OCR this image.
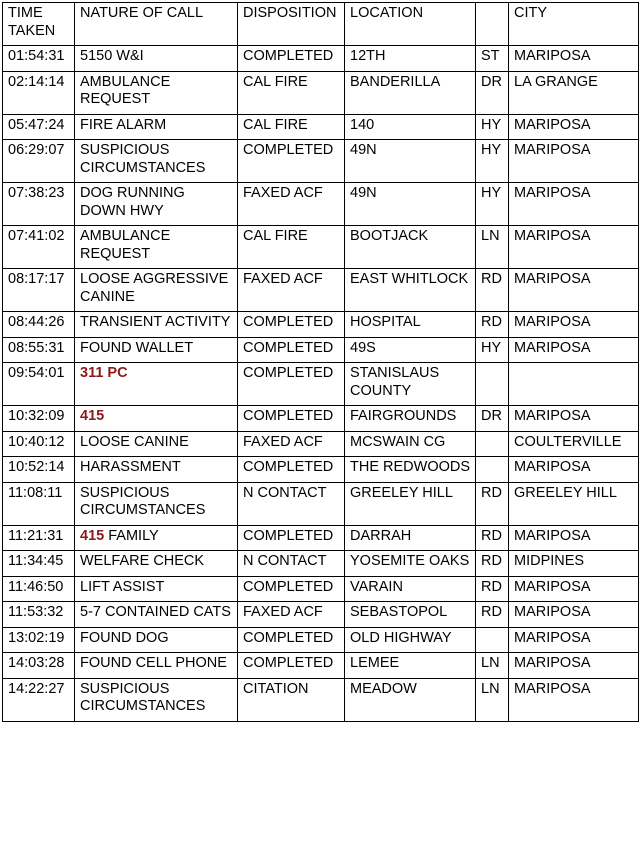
TIME TAKEN	NATURE OF CALL	DISPOSITION	LOCATION		CITY
01:54:31	5150 W&I	COMPLETED	12TH	ST	MARIPOSA
02:14:14	AMBULANCE REQUEST	CAL FIRE	BANDERILLA	DR	LA GRANGE
05:47:24	FIRE ALARM	CAL FIRE	140	HY	MARIPOSA
06:29:07	SUSPICIOUS CIRCUMSTANCES	COMPLETED	49N	HY	MARIPOSA
07:38:23	DOG RUNNING DOWN HWY	FAXED ACF	49N	HY	MARIPOSA
07:41:02	AMBULANCE REQUEST	CAL FIRE	BOOTJACK	LN	MARIPOSA
08:17:17	LOOSE AGGRESSIVE CANINE	FAXED ACF	EAST WHITLOCK	RD	MARIPOSA
08:44:26	TRANSIENT ACTIVITY	COMPLETED	HOSPITAL	RD	MARIPOSA
08:55:31	FOUND WALLET	COMPLETED	49S	HY	MARIPOSA
09:54:01	311 PC	COMPLETED	STANISLAUS COUNTY		
10:32:09	415	COMPLETED	FAIRGROUNDS	DR	MARIPOSA
10:40:12	LOOSE CANINE	FAXED ACF	MCSWAIN CG		COULTERVILLE
10:52:14	HARASSMENT	COMPLETED	THE REDWOODS		MARIPOSA
11:08:11	SUSPICIOUS CIRCUMSTANCES	N CONTACT	GREELEY HILL	RD	GREELEY HILL
11:21:31	415 FAMILY	COMPLETED	DARRAH	RD	MARIPOSA
11:34:45	WELFARE CHECK	N CONTACT	YOSEMITE OAKS	RD	MIDPINES
11:46:50	LIFT ASSIST	COMPLETED	VARAIN	RD	MARIPOSA
11:53:32	5-7 CONTAINED CATS	FAXED ACF	SEBASTOPOL	RD	MARIPOSA
13:02:19	FOUND DOG	COMPLETED	OLD HIGHWAY		MARIPOSA
14:03:28	FOUND CELL PHONE	COMPLETED	LEMEE	LN	MARIPOSA
14:22:27	SUSPICIOUS CIRCUMSTANCES	CITATION	MEADOW	LN	MARIPOSA
